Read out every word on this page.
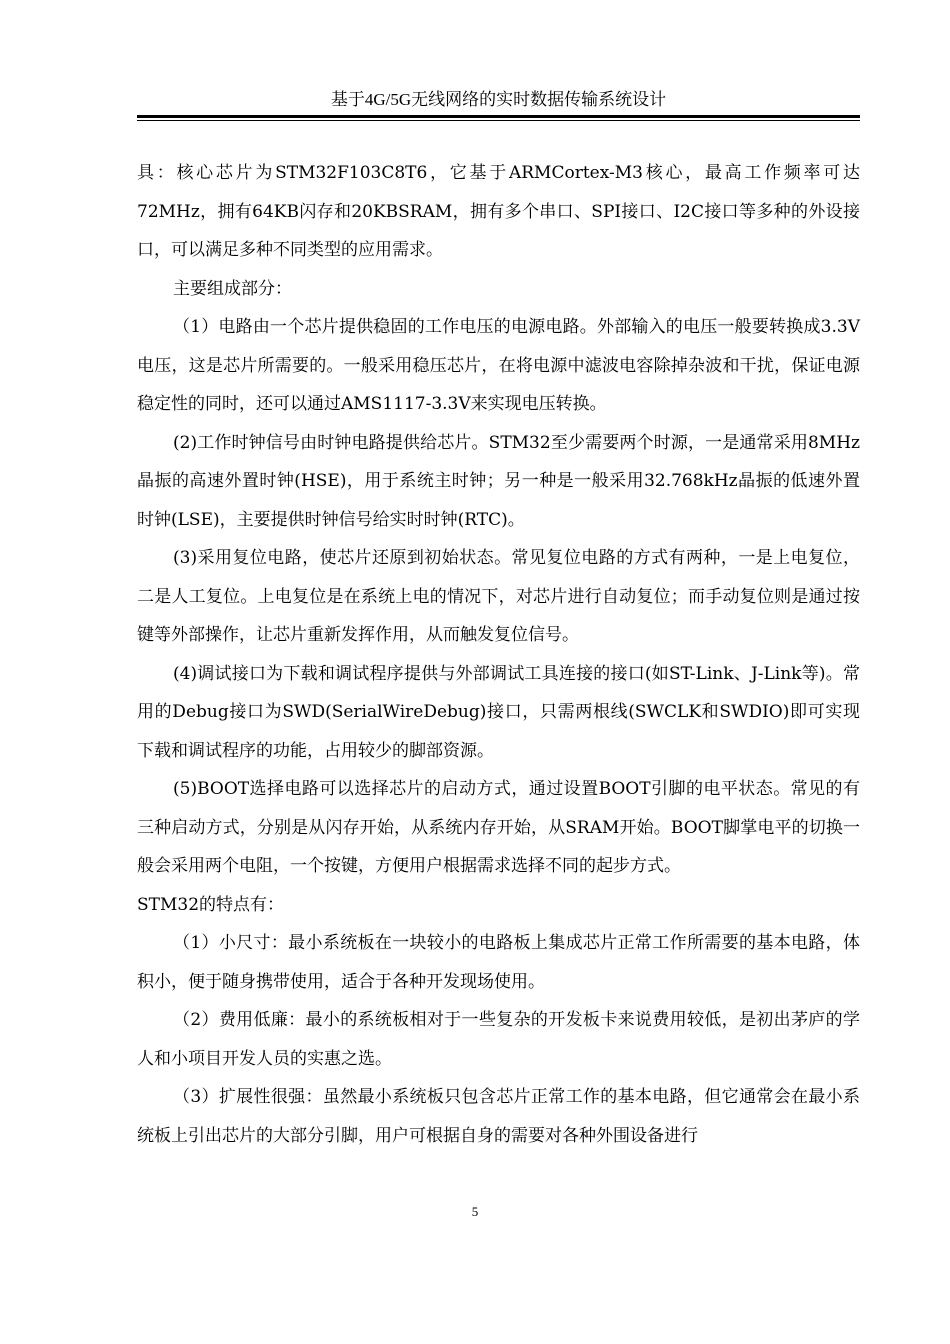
基于4G/5G无线网络的实时数据传输系统设计

具：核心芯片为STM32F103C8T6，它基于ARMCortex-M3核心，最高工作频率可达72MHz，拥有64KB闪存和20KBSRAM，拥有多个串口、SPI接口、I2C接口等多种的外设接口，可以满足多种不同类型的应用需求。

主要组成部分：

（1）电路由一个芯片提供稳固的工作电压的电源电路。外部输入的电压一般要转换成3.3V电压，这是芯片所需要的。一般采用稳压芯片，在将电源中滤波电容除掉杂波和干扰，保证电源稳定性的同时，还可以通过AMS1117-3.3V来实现电压转换。

(2)工作时钟信号由时钟电路提供给芯片。STM32至少需要两个时源，一是通常采用8MHz晶振的高速外置时钟(HSE)，用于系统主时钟；另一种是一般采用32.768kHz晶振的低速外置时钟(LSE)，主要提供时钟信号给实时时钟(RTC)。

(3)采用复位电路，使芯片还原到初始状态。常见复位电路的方式有两种，一是上电复位，二是人工复位。上电复位是在系统上电的情况下，对芯片进行自动复位；而手动复位则是通过按键等外部操作，让芯片重新发挥作用，从而触发复位信号。

(4)调试接口为下载和调试程序提供与外部调试工具连接的接口(如ST-Link、J-Link等)。常用的Debug接口为SWD(SerialWireDebug)接口，只需两根线(SWCLK和SWDIO)即可实现下载和调试程序的功能，占用较少的脚部资源。

(5)BOOT选择电路可以选择芯片的启动方式，通过设置BOOT引脚的电平状态。常见的有三种启动方式，分别是从闪存开始，从系统内存开始，从SRAM开始。BOOT脚掌电平的切换一般会采用两个电阻，一个按键，方便用户根据需求选择不同的起步方式。

STM32的特点有：

（1）小尺寸：最小系统板在一块较小的电路板上集成芯片正常工作所需要的基本电路，体积小，便于随身携带使用，适合于各种开发现场使用。

（2）费用低廉：最小的系统板相对于一些复杂的开发板卡来说费用较低，是初出茅庐的学人和小项目开发人员的实惠之选。

（3）扩展性很强：虽然最小系统板只包含芯片正常工作的基本电路，但它通常会在最小系统板上引出芯片的大部分引脚，用户可根据自身的需要对各种外围设备进行

5
